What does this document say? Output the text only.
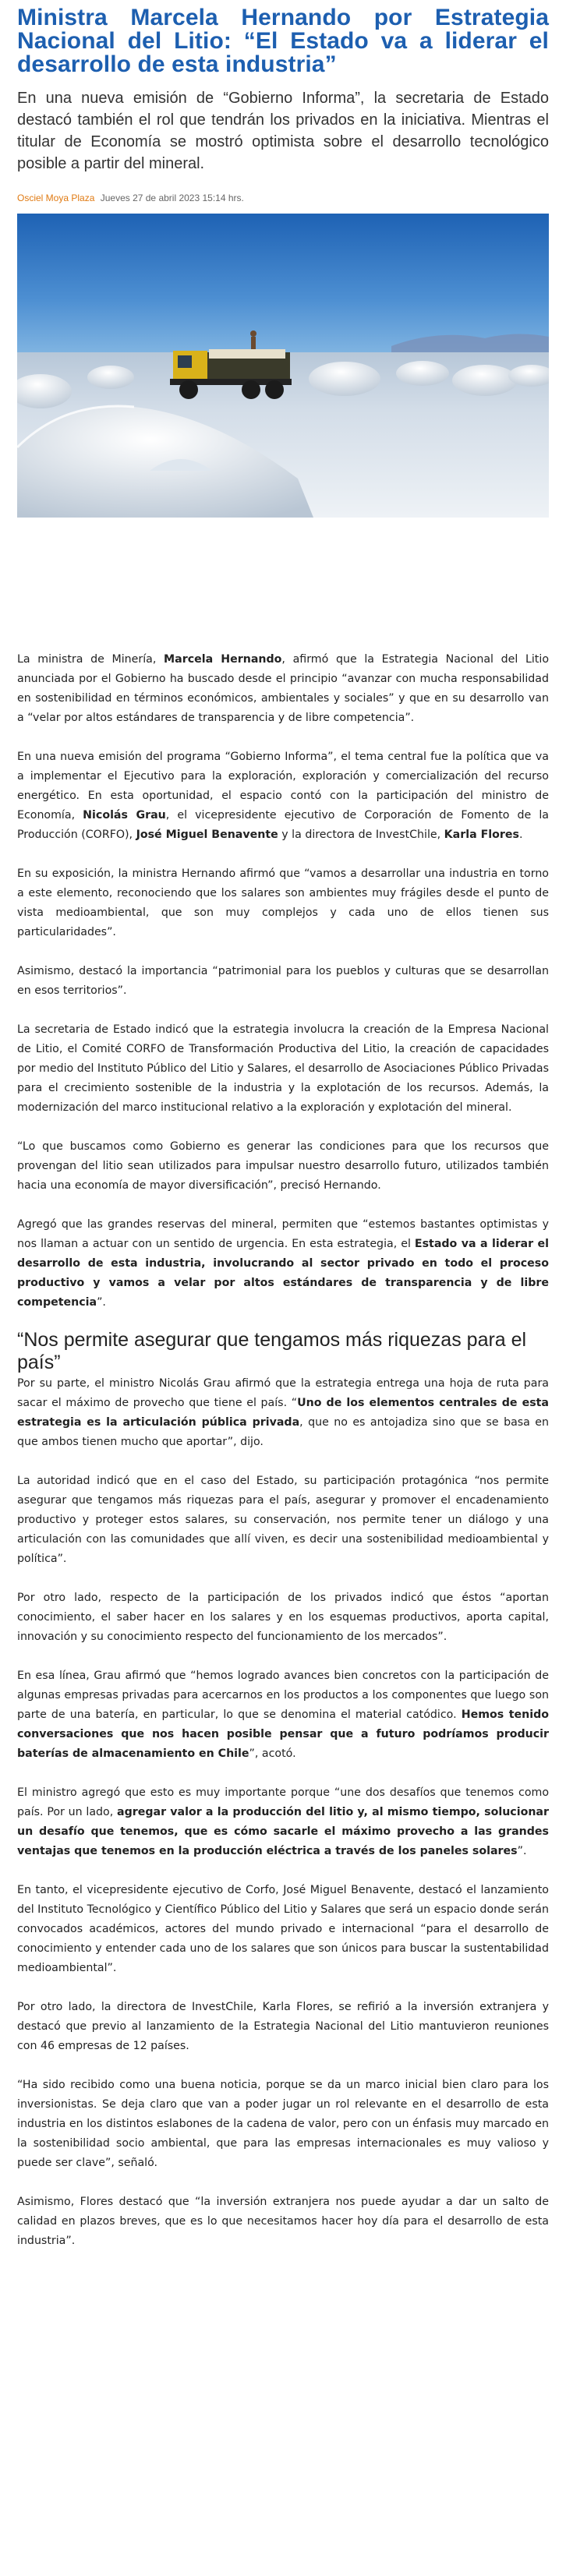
Ministra Marcela Hernando por Estrategia Nacional del Litio: “El Estado va a liderar el desarrollo de esta industria”

En una nueva emisión de “Gobierno Informa”, la secretaria de Estado destacó también el rol que tendrán los privados en la iniciativa. Mientras el titular de Economía se mostró optimista sobre el desarrollo tecnológico posible a partir del mineral.

Osciel Moya Plaza Jueves 27 de abril 2023 15:14 hrs.

La ministra de Minería, Marcela Hernando, afirmó que la Estrategia Nacional del Litio anunciada por el Gobierno ha buscado desde el principio “avanzar con mucha responsabilidad en sostenibilidad en términos económicos, ambientales y sociales” y que en su desarrollo van a “velar por altos estándares de transparencia y de libre competencia”.

En una nueva emisión del programa “Gobierno Informa”, el tema central fue la política que va a implementar el Ejecutivo para la exploración, exploración y comercialización del recurso energético. En esta oportunidad, el espacio contó con la participación del ministro de Economía, Nicolás Grau, el vicepresidente ejecutivo de Corporación de Fomento de la Producción (CORFO), José Miguel Benavente y la directora de InvestChile, Karla Flores.

En su exposición, la ministra Hernando afirmó que “vamos a desarrollar una industria en torno a este elemento, reconociendo que los salares son ambientes muy frágiles desde el punto de vista medioambiental, que son muy complejos y cada uno de ellos tienen sus particularidades”.

Asimismo, destacó la importancia “patrimonial para los pueblos y culturas que se desarrollan en esos territorios”.

La secretaria de Estado indicó que la estrategia involucra la creación de la Empresa Nacional de Litio, el Comité CORFO de Transformación Productiva del Litio, la creación de capacidades por medio del Instituto Público del Litio y Salares, el desarrollo de Asociaciones Público Privadas para el crecimiento sostenible de la industria y la explotación de los recursos. Además, la modernización del marco institucional relativo a la exploración y explotación del mineral.

“Lo que buscamos como Gobierno es generar las condiciones para que los recursos que provengan del litio sean utilizados para impulsar nuestro desarrollo futuro, utilizados también hacia una economía de mayor diversificación”, precisó Hernando.

Agregó que las grandes reservas del mineral, permiten que “estemos bastantes optimistas y nos llaman a actuar con un sentido de urgencia. En esta estrategia, el Estado va a liderar el desarrollo de esta industria, involucrando al sector privado en todo el proceso productivo y vamos a velar por altos estándares de transparencia y de libre competencia”.

“Nos permite asegurar que tengamos más riquezas para el país”

Por su parte, el ministro Nicolás Grau afirmó que la estrategia entrega una hoja de ruta para sacar el máximo de provecho que tiene el país. “Uno de los elementos centrales de esta estrategia es la articulación pública privada, que no es antojadiza sino que se basa en que ambos tienen mucho que aportar”, dijo.

La autoridad indicó que en el caso del Estado, su participación protagónica “nos permite asegurar que tengamos más riquezas para el país, asegurar y promover el encadenamiento productivo y proteger estos salares, su conservación, nos permite tener un diálogo y una articulación con las comunidades que allí viven, es decir una sostenibilidad medioambiental y política”.

Por otro lado, respecto de la participación de los privados indicó que éstos “aportan conocimiento, el saber hacer en los salares y en los esquemas productivos, aporta capital, innovación y su conocimiento respecto del funcionamiento de los mercados”.

En esa línea, Grau afirmó que “hemos logrado avances bien concretos con la participación de algunas empresas privadas para acercarnos en los productos a los componentes que luego son parte de una batería, en particular, lo que se denomina el material catódico. Hemos tenido conversaciones que nos hacen posible pensar que a futuro podríamos producir baterías de almacenamiento en Chile”, acotó.

El ministro agregó que esto es muy importante porque “une dos desafíos que tenemos como país. Por un lado, agregar valor a la producción del litio y, al mismo tiempo, solucionar un desafío que tenemos, que es cómo sacarle el máximo provecho a las grandes ventajas que tenemos en la producción eléctrica a través de los paneles solares”.

En tanto, el vicepresidente ejecutivo de Corfo, José Miguel Benavente, destacó el lanzamiento del Instituto Tecnológico y Científico Público del Litio y Salares que será un espacio donde serán convocados académicos, actores del mundo privado e internacional “para el desarrollo de conocimiento y entender cada uno de los salares que son únicos para buscar la sustentabilidad medioambiental”.

Por otro lado, la directora de InvestChile, Karla Flores, se refirió a la inversión extranjera y destacó que previo al lanzamiento de la Estrategia Nacional del Litio mantuvieron reuniones con 46 empresas de 12 países.

“Ha sido recibido como una buena noticia, porque se da un marco inicial bien claro para los inversionistas. Se deja claro que van a poder jugar un rol relevante en el desarrollo de esta industria en los distintos eslabones de la cadena de valor, pero con un énfasis muy marcado en la sostenibilidad socio ambiental, que para las empresas internacionales es muy valioso y puede ser clave”, señaló.

Asimismo, Flores destacó que “la inversión extranjera nos puede ayudar a dar un salto de calidad en plazos breves, que es lo que necesitamos hacer hoy día para el desarrollo de esta industria”.
